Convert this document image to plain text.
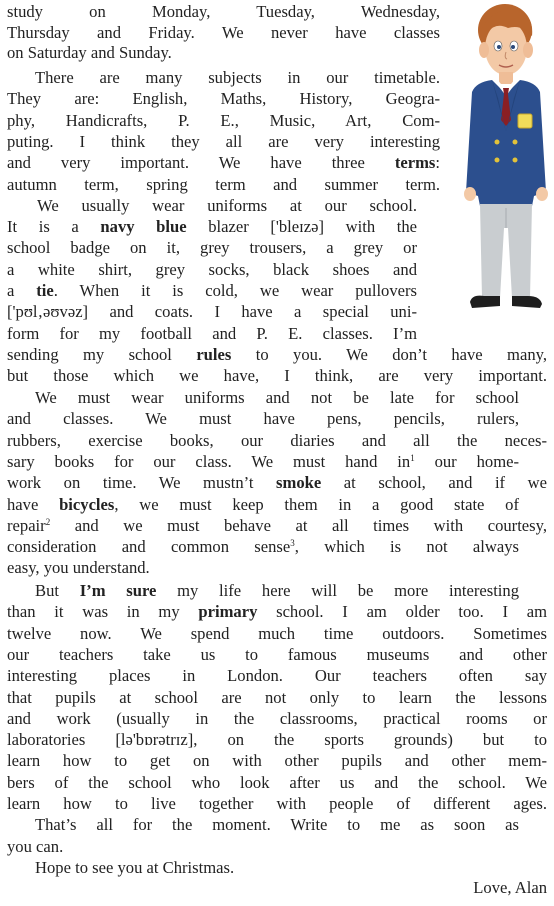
study on Monday, Tuesday, Wednesday,
Thursday and Friday. We never have classes
on Saturday and Sunday.
There are many subjects in our timetable.
They are: English, Maths, History, Geogra-
phy, Handicrafts, P. E., Music, Art, Com-
puting. I think they all are very interesting
and very important. We have three terms:
autumn term, spring term and summer term.
We usually wear uniforms at our school.
It is a navy blue blazer ['bleɪzə] with the
school badge on it, grey trousers, a grey or
a white shirt, grey socks, black shoes and
a tie. When it is cold, we wear pullovers
['pʊl‚əʊvəz] and coats. I have a special uni-
form for my football and P. E. classes. I’m
sending my school rules to you. We don’t have many,
but those which we have, I think, are very important.
We must wear uniforms and not be late for school
and classes. We must have pens, pencils, rulers,
rubbers, exercise books, our diaries and all the neces-
sary books for our class. We must hand $in^1$ our home-
work on time. We mustn’t smoke at school, and if we
have bicycles, we must keep them in a good state of
repair$^2$ and we must behave at all times with courtesy,
consideration and common sense$^3$, which is not always
easy, you understand.
But I’m sure my life here will be more interesting
than it was in my primary school. I am older too. I am
twelve now. We spend much time outdoors. Sometimes
our teachers take us to famous museums and other
interesting places in London. Our teachers often say
that pupils at school are not only to learn the lessons
and work (usually in the classrooms, practical rooms or
laboratories [lə'bɒrətrɪz], on the sports grounds) but to
learn how to get on with other pupils and other mem-
bers of the school who look after us and the school. We
learn how to live together with people of different ages.
That’s all for the moment. Write to me as soon as
you can.
Hope to see you at Christmas.
Love, Alan
